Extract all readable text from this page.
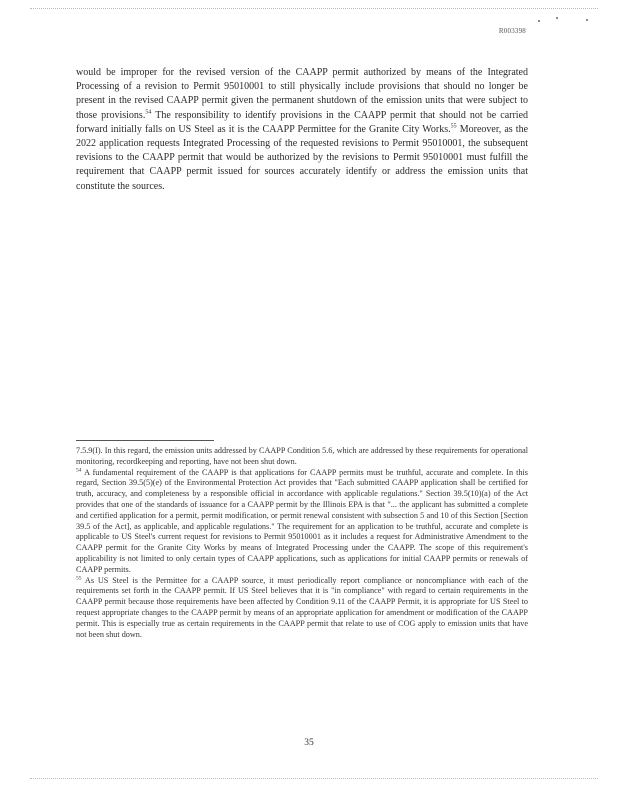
R003398
would be improper for the revised version of the CAAPP permit authorized by means of the Integrated Processing of a revision to Permit 95010001 to still physically include provisions that should no longer be present in the revised CAAPP permit given the permanent shutdown of the emission units that were subject to those provisions.$^{54}$ The responsibility to identify provisions in the CAAPP permit that should not be carried forward initially falls on US Steel as it is the CAAPP Permittee for the Granite City Works.$^{55}$ Moreover, as the 2022 application requests Integrated Processing of the requested revisions to Permit 95010001, the subsequent revisions to the CAAPP permit that would be authorized by the revisions to Permit 95010001 must fulfill the requirement that CAAPP permit issued for sources accurately identify or address the emission units that constitute the sources.

7.5.9(I). In this regard, the emission units addressed by CAAPP Condition 5.6, which are addressed by these requirements for operational monitoring, recordkeeping and reporting, have not been shut down.

$^{54}$ A fundamental requirement of the CAAPP is that applications for CAAPP permits must be truthful, accurate and complete. In this regard, Section 39.5(5)(e) of the Environmental Protection Act provides that "Each submitted CAAPP application shall be certified for truth, accuracy, and completeness by a responsible official in accordance with applicable regulations." Section 39.5(10)(a) of the Act provides that one of the standards of issuance for a CAAPP permit by the Illinois EPA is that "... the applicant has submitted a complete and certified application for a permit, permit modification, or permit renewal consistent with subsection 5 and 10 of this Section [Section 39.5 of the Act], as applicable, and applicable regulations." The requirement for an application to be truthful, accurate and complete is applicable to US Steel's current request for revisions to Permit 95010001 as it includes a request for Administrative Amendment to the CAAPP permit for the Granite City Works by means of Integrated Processing under the CAAPP. The scope of this requirement's applicability is not limited to only certain types of CAAPP applications, such as applications for initial CAAPP permits or renewals of CAAPP permits.

$^{55}$ As US Steel is the Permittee for a CAAPP source, it must periodically report compliance or noncompliance with each of the requirements set forth in the CAAPP permit. If US Steel believes that it is "in compliance" with regard to certain requirements in the CAAPP permit because those requirements have been affected by Condition 9.11 of the CAAPP Permit, it is appropriate for US Steel to request appropriate changes to the CAAPP permit by means of an appropriate application for amendment or modification of the CAAPP permit. This is especially true as certain requirements in the CAAPP permit that relate to use of COG apply to emission units that have not been shut down.

35
